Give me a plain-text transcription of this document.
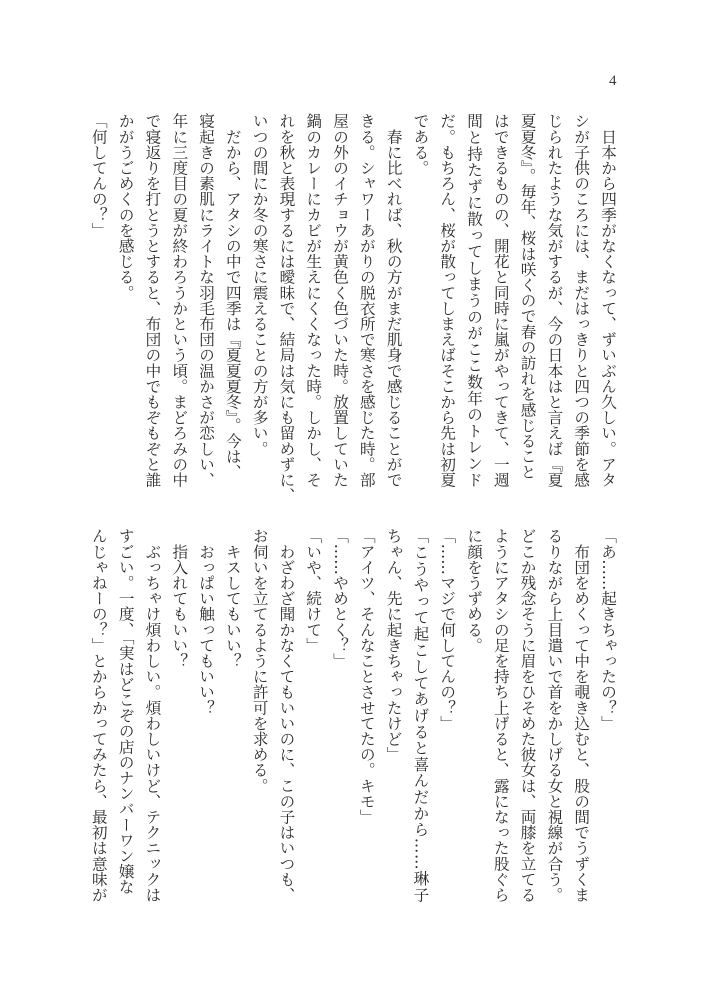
4
　日本から四季がなくなって、ずいぶん久しい。アタ
シが子供のころには、まだはっきりと四つの季節を感
じられたような気がするが、今の日本はと言えば『夏
夏夏冬』。毎年、桜は咲くので春の訪れを感じること
はできるものの、開花と同時に嵐がやってきて、一週
間と持たずに散ってしまうのがここ数年のトレンド
だ。もちろん、桜が散ってしまえばそこから先は初夏
である。
　春に比べれば、秋の方がまだ肌身で感じることがで
きる。シャワーあがりの脱衣所で寒さを感じた時。部
屋の外のイチョウが黄色く色づいた時。放置していた
鍋のカレーにカビが生えにくくなった時。しかし、そ
れを秋と表現するには曖昧で、結局は気にも留めずに、
いつの間にか冬の寒さに震えることの方が多い。
　だから、アタシの中で四季は『夏夏夏冬』。今は、
寝起きの素肌にライトな羽毛布団の温かさが恋しい、
年に三度目の夏が終わろうかという頃。まどろみの中
で寝返りを打とうとすると、布団の中でもぞもぞと誰
かがうごめくのを感じる。
「何してんの？」
「あ……起きちゃったの？」
　布団をめくって中を覗き込むと、股の間でうずくま
るりながら上目遣いで首をかしげる女と視線が合う。
どこか残念そうに眉をひそめた彼女は、両膝を立てる
ようにアタシの足を持ち上げると、露になった股ぐら
に顔をうずめる。
「……マジで何してんの？」
「こうやって起こしてあげると喜んだから……琳子
ちゃん、先に起きちゃったけど」
「アイツ、そんなことさせてたの。キモ」
「……やめとく？」
「いや、続けて」
　わざわざ聞かなくてもいいのに、この子はいつも、
お伺いを立てるように許可を求める。
　キスしてもいい？
　おっぱい触ってもいい？
　指入れてもいい？
　ぶっちゃけ煩わしい。煩わしいけど、テクニックは
すごい。一度、「実はどこぞの店のナンバーワン嬢な
んじゃねーの？」とからかってみたら、最初は意味が
